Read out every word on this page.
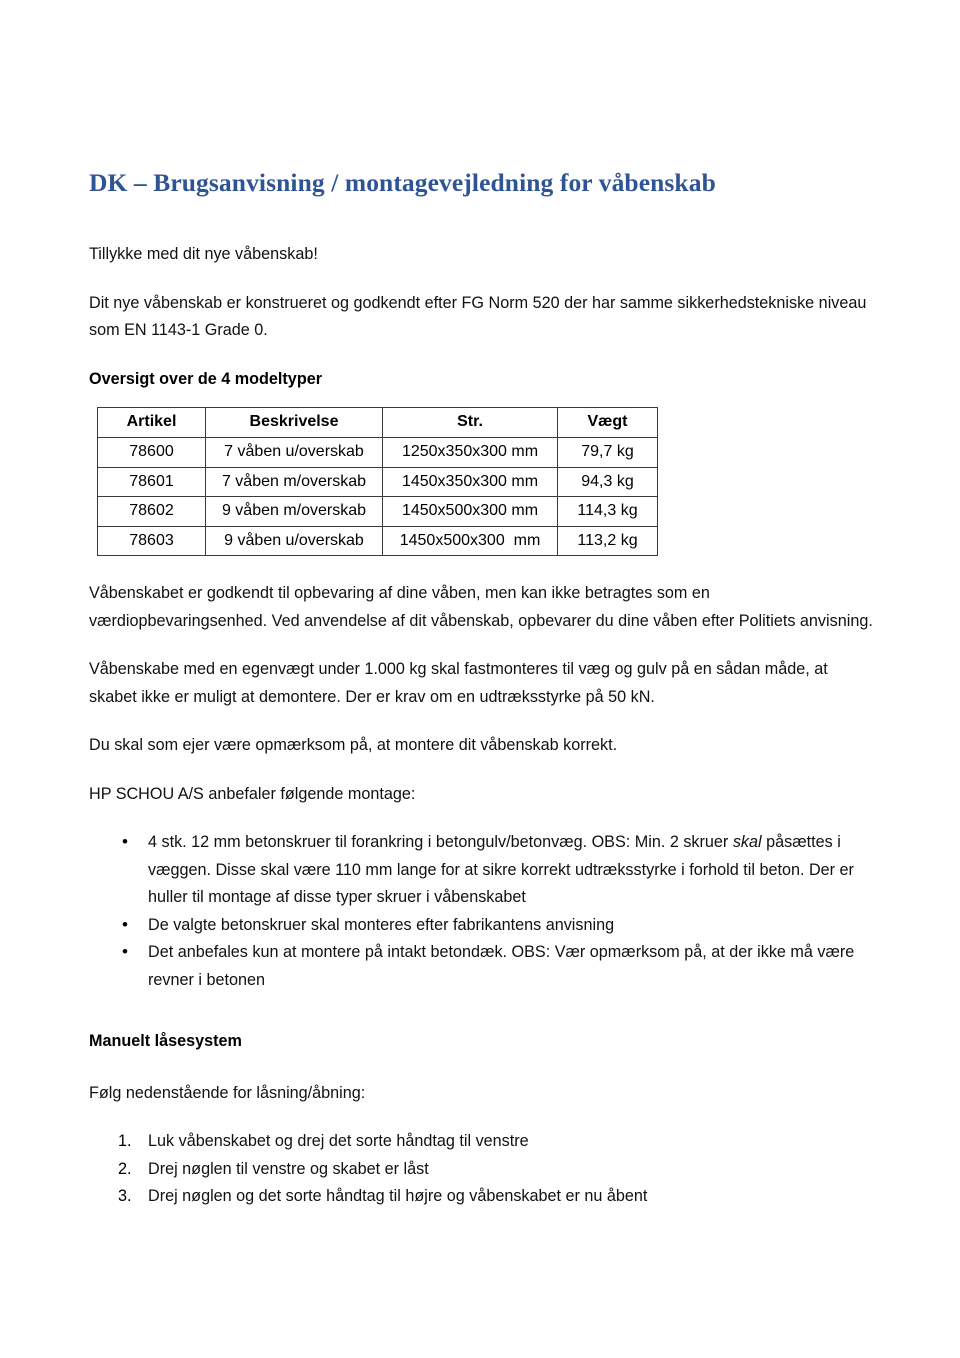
DK – Brugsanvisning / montagevejledning for våbenskab

Tillykke med dit nye våbenskab!

Dit nye våbenskab er konstrueret og godkendt efter FG Norm 520 der har samme sikkerhedstekniske niveau som EN 1143-1 Grade 0.

Oversigt over de 4 modeltyper

Artikel	Beskrivelse	Str.	Vægt
78600	7 våben u/overskab	1250x350x300 mm	79,7 kg
78601	7 våben m/overskab	1450x350x300 mm	94,3 kg
78602	9 våben m/overskab	1450x500x300 mm	114,3 kg
78603	9 våben u/overskab	1450x500x300  mm	113,2 kg

Våbenskabet er godkendt til opbevaring af dine våben, men kan ikke betragtes som en værdiopbevaringsenhed. Ved anvendelse af dit våbenskab, opbevarer du dine våben efter Politiets anvisning.

Våbenskabe med en egenvægt under 1.000 kg skal fastmonteres til væg og gulv på en sådan måde, at skabet ikke er muligt at demontere. Der er krav om en udtræksstyrke på 50 kN.

Du skal som ejer være opmærksom på, at montere dit våbenskab korrekt.

HP SCHOU A/S anbefaler følgende montage:

• 4 stk. 12 mm betonskruer til forankring i betongulv/betonvæg. OBS: Min. 2 skruer skal påsættes i væggen. Disse skal være 110 mm lange for at sikre korrekt udtræksstyrke i forhold til beton. Der er huller til montage af disse typer skruer i våbenskabet
• De valgte betonskruer skal monteres efter fabrikantens anvisning
• Det anbefales kun at montere på intakt betondæk. OBS: Vær opmærksom på, at der ikke må være revner i betonen

Manuelt låsesystem

Følg nedenstående for låsning/åbning:

Luk våbenskabet og drej det sorte håndtag til venstre
Drej nøglen til venstre og skabet er låst
Drej nøglen og det sorte håndtag til højre og våbenskabet er nu åbent
